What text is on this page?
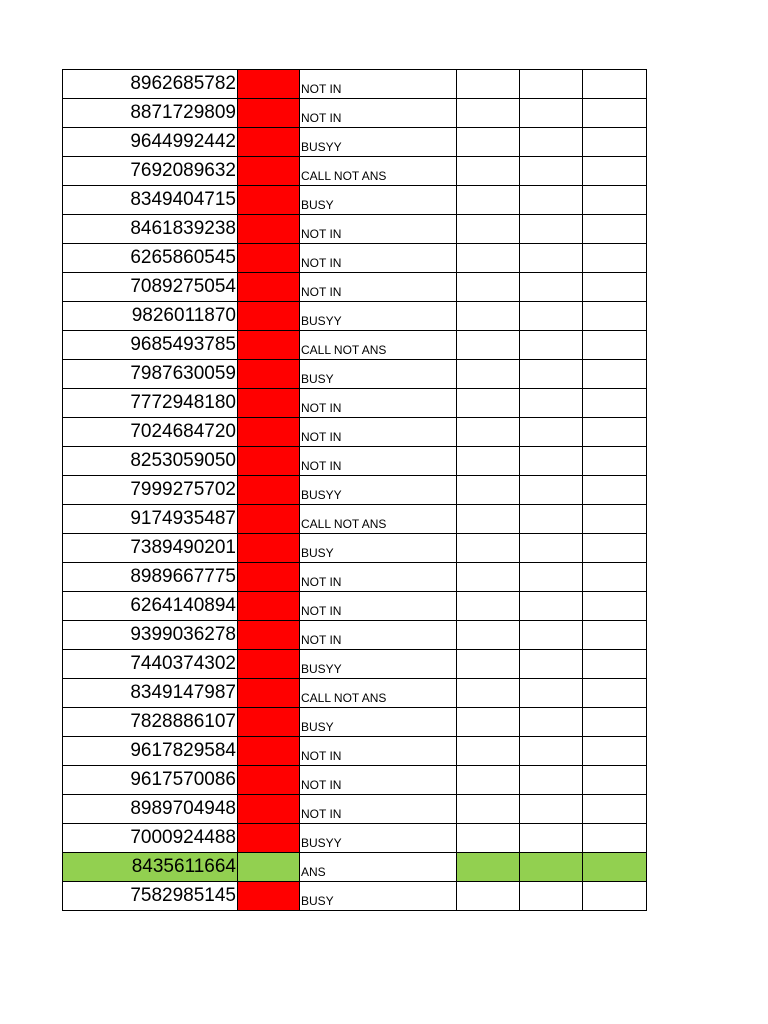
8962685782		NOT IN			
8871729809		NOT IN			
9644992442		BUSYY			
7692089632		CALL NOT ANS			
8349404715		BUSY			
8461839238		NOT IN			
6265860545		NOT IN			
7089275054		NOT IN			
9826011870		BUSYY			
9685493785		CALL NOT ANS			
7987630059		BUSY			
7772948180		NOT IN			
7024684720		NOT IN			
8253059050		NOT IN			
7999275702		BUSYY			
9174935487		CALL NOT ANS			
7389490201		BUSY			
8989667775		NOT IN			
6264140894		NOT IN			
9399036278		NOT IN			
7440374302		BUSYY			
8349147987		CALL NOT ANS			
7828886107		BUSY			
9617829584		NOT IN			
9617570086		NOT IN			
8989704948		NOT IN			
7000924488		BUSYY			
8435611664		ANS			
7582985145		BUSY			
